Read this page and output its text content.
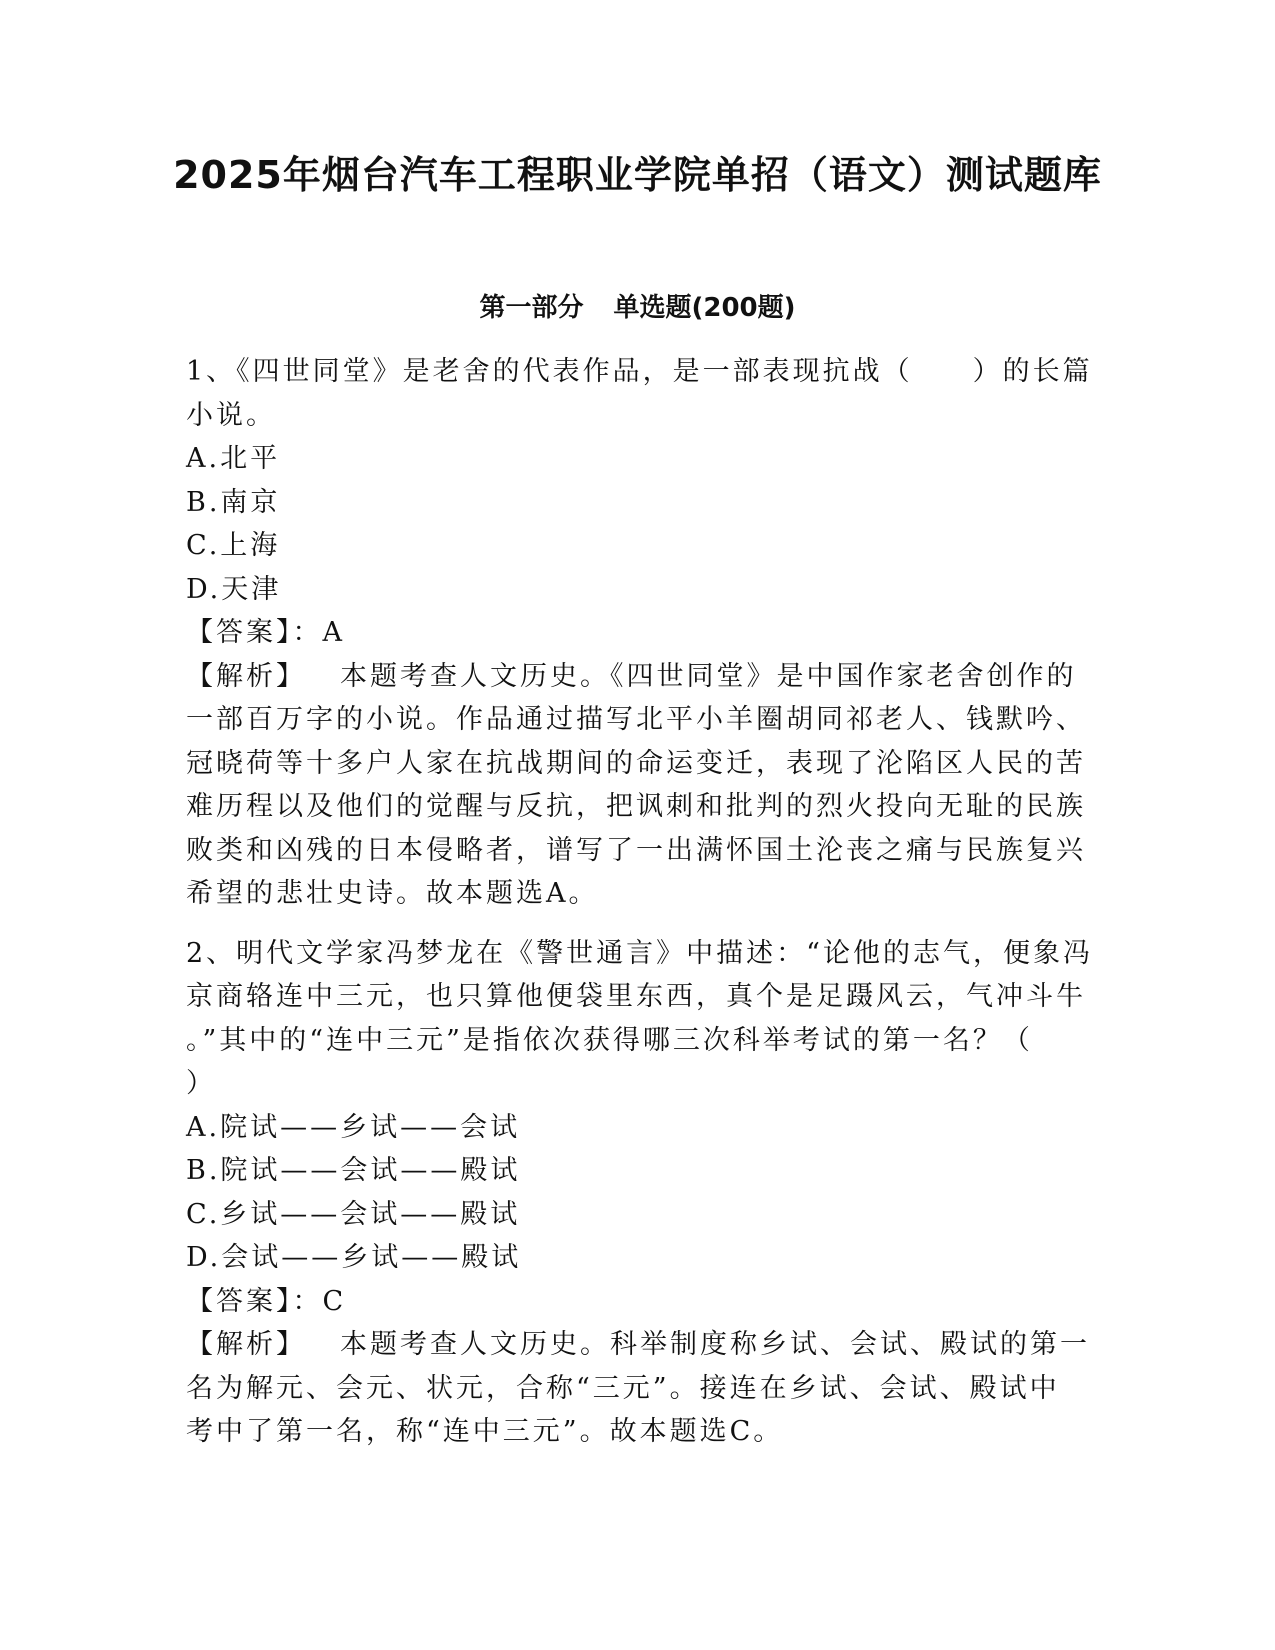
2025年烟台汽车工程职业学院单招（语文）测试题库
第一部分 单选题(200题)
1、《四世同堂》是老舍的代表作品，是一部表现抗战（　　）的长篇
小说。
A.北平
B.南京
C.上海
D.天津
【答案】：A
【解析】 本题考查人文历史。《四世同堂》是中国作家老舍创作的
一部百万字的小说。作品通过描写北平小羊圈胡同祁老人、钱默吟、
冠晓荷等十多户人家在抗战期间的命运变迁，表现了沦陷区人民的苦
难历程以及他们的觉醒与反抗，把讽刺和批判的烈火投向无耻的民族
败类和凶残的日本侵略者，谱写了一出满怀国土沦丧之痛与民族复兴
希望的悲壮史诗。故本题选A。
2、明代文学家冯梦龙在《警世通言》中描述：“论他的志气，便象冯
京商辂连中三元，也只算他便袋里东西，真个是足蹑风云，气冲斗牛
。”其中的“连中三元”是指依次获得哪三次科举考试的第一名？（
）
A.院试——乡试——会试
B.院试——会试——殿试
C.乡试——会试——殿试
D.会试——乡试——殿试
【答案】：C
【解析】 本题考查人文历史。科举制度称乡试、会试、殿试的第一
名为解元、会元、状元，合称“三元”。接连在乡试、会试、殿试中
考中了第一名，称“连中三元”。故本题选C。
